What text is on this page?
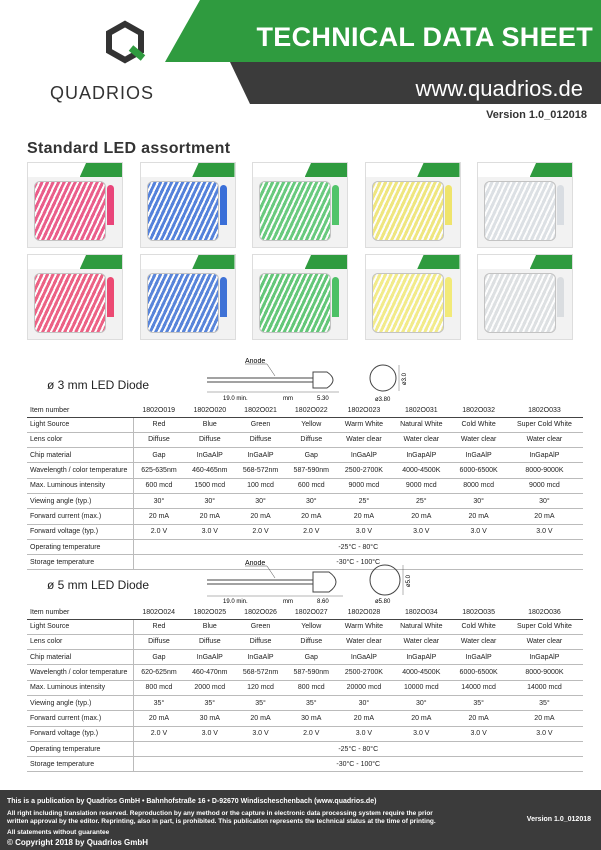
QUADRIOS
TECHNICAL DATA SHEET
www.quadrios.de
Version 1.0_012018
Standard LED assortment
ø 3 mm LED Diode
Anode
19.0 min.	mm	5.30	ø3.80
ø3.0
Item number	1802O019	1802O020	1802O021	1802O022	1802O023	1802O031	1802O032	1802O033
Light Source	Red	Blue	Green	Yellow	Warm White	Natural White	Cold White	Super Cold White
Lens color	Diffuse	Diffuse	Diffuse	Diffuse	Water clear	Water clear	Water clear	Water clear
Chip material	Gap	InGaAlP	InGaAlP	Gap	InGaAlP	InGapAlP	InGaAlP	InGapAlP
Wavelength / color temperature	625-635nm	460-465nm	568-572nm	587-590nm	2500-2700K	4000-4500K	6000-6500K	8000-9000K
Max. Luminous intensity	600 mcd	1500 mcd	100 mcd	600 mcd	9000 mcd	9000 mcd	8000 mcd	9000 mcd
Viewing angle (typ.)	30°	30°	30°	30°	25°	25°	30°	30°
Forward current (max.)	20 mA	20 mA	20 mA	20 mA	20 mA	20 mA	20 mA	20 mA
Forward voltage (typ.)	2.0 V	3.0 V	2.0 V	2.0 V	3.0 V	3.0 V	3.0 V	3.0 V
Operating temperature	-25°C - 80°C							
Storage temperature	-30°C - 100°C							
ø 5 mm LED Diode
Anode
19.0 min.	mm	8.60	ø5.80
ø5.0
Item number	1802O024	1802O025	1802O026	1802O027	1802O028	1802O034	1802O035	1802O036
Light Source	Red	Blue	Green	Yellow	Warm White	Natural White	Cold White	Super Cold White
Lens color	Diffuse	Diffuse	Diffuse	Diffuse	Water clear	Water clear	Water clear	Water clear
Chip material	Gap	InGaAlP	InGaAlP	Gap	InGaAlP	InGapAlP	InGaAlP	InGapAlP
Wavelength / color temperature	620-625nm	460-470nm	568-572nm	587-590nm	2500-2700K	4000-4500K	6000-6500K	8000-9000K
Max. Luminous intensity	800 mcd	2000 mcd	120 mcd	800 mcd	20000 mcd	10000 mcd	14000 mcd	14000 mcd
Viewing angle (typ.)	35°	35°	35°	35°	30°	30°	35°	35°
Forward current (max.)	20 mA	30 mA	20 mA	30 mA	20 mA	20 mA	20 mA	20 mA
Forward voltage (typ.)	2.0 V	3.0 V	3.0 V	2.0 V	3.0 V	3.0 V	3.0 V	3.0 V
Operating temperature	-25°C - 80°C							
Storage temperature	-30°C - 100°C							
This is a publication by Quadrios GmbH • Bahnhofstraße 16 • D-92670 Windischeschenbach (www.quadrios.de)
All right including translation reserved. Reproduction by any method or the capture in electronic data processing system require the prior
written approval by the editor. Reprinting, also in part, is prohibited. This publication represents the technical status at the time of printing.
All statements without guarantee
© Copyright 2018 by Quadrios GmbH
Version 1.0_012018
